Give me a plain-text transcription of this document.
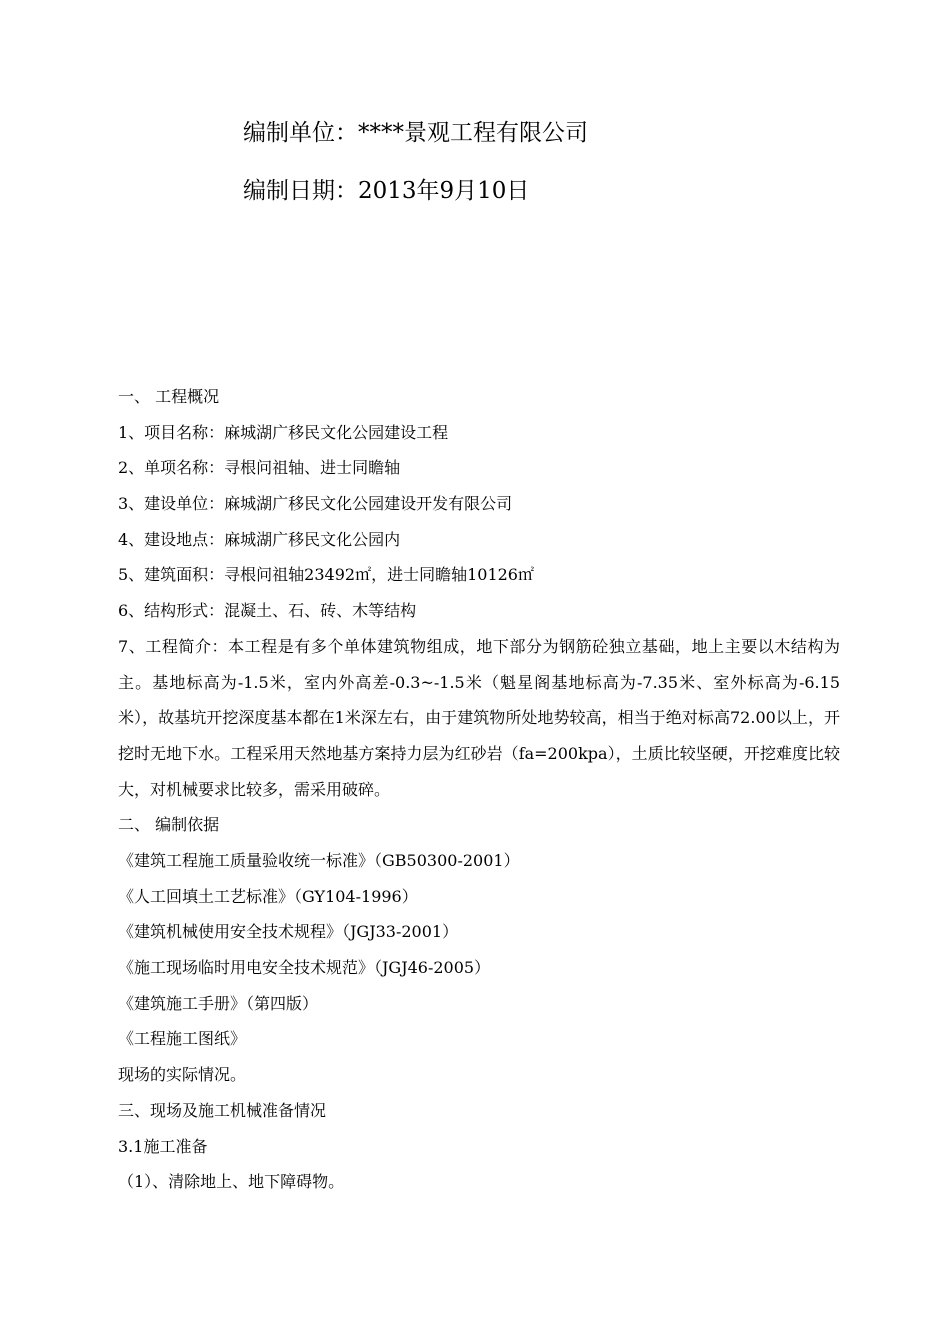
编制单位：****景观工程有限公司
编制日期：2013年9月10日
一、 工程概况
1、项目名称：麻城湖广移民文化公园建设工程
2、单项名称：寻根问祖轴、进士同瞻轴
3、建设单位：麻城湖广移民文化公园建设开发有限公司
4、建设地点：麻城湖广移民文化公园内
5、建筑面积：寻根问祖轴23492㎡，进士同瞻轴10126㎡
6、结构形式：混凝土、石、砖、木等结构
7、工程简介：本工程是有多个单体建筑物组成，地下部分为钢筋砼独立基础，地上主要以木结构为主。基地标高为-1.5米，室内外高差-0.3~-1.5米（魁星阁基地标高为-7.35米、室外标高为-6.15米），故基坑开挖深度基本都在1米深左右，由于建筑物所处地势较高，相当于绝对标高72.00以上，开挖时无地下水。工程采用天然地基方案持力层为红砂岩（fa=200kpa），土质比较坚硬，开挖难度比较大，对机械要求比较多，需采用破碎。
二、 编制依据
《建筑工程施工质量验收统一标准》（GB50300-2001）
《人工回填土工艺标准》（GY104-1996）
《建筑机械使用安全技术规程》（JGJ33-2001）
《施工现场临时用电安全技术规范》（JGJ46-2005）
《建筑施工手册》（第四版）
《工程施工图纸》
现场的实际情况。
三、现场及施工机械准备情况
3.1施工准备
（1）、清除地上、地下障碍物。
